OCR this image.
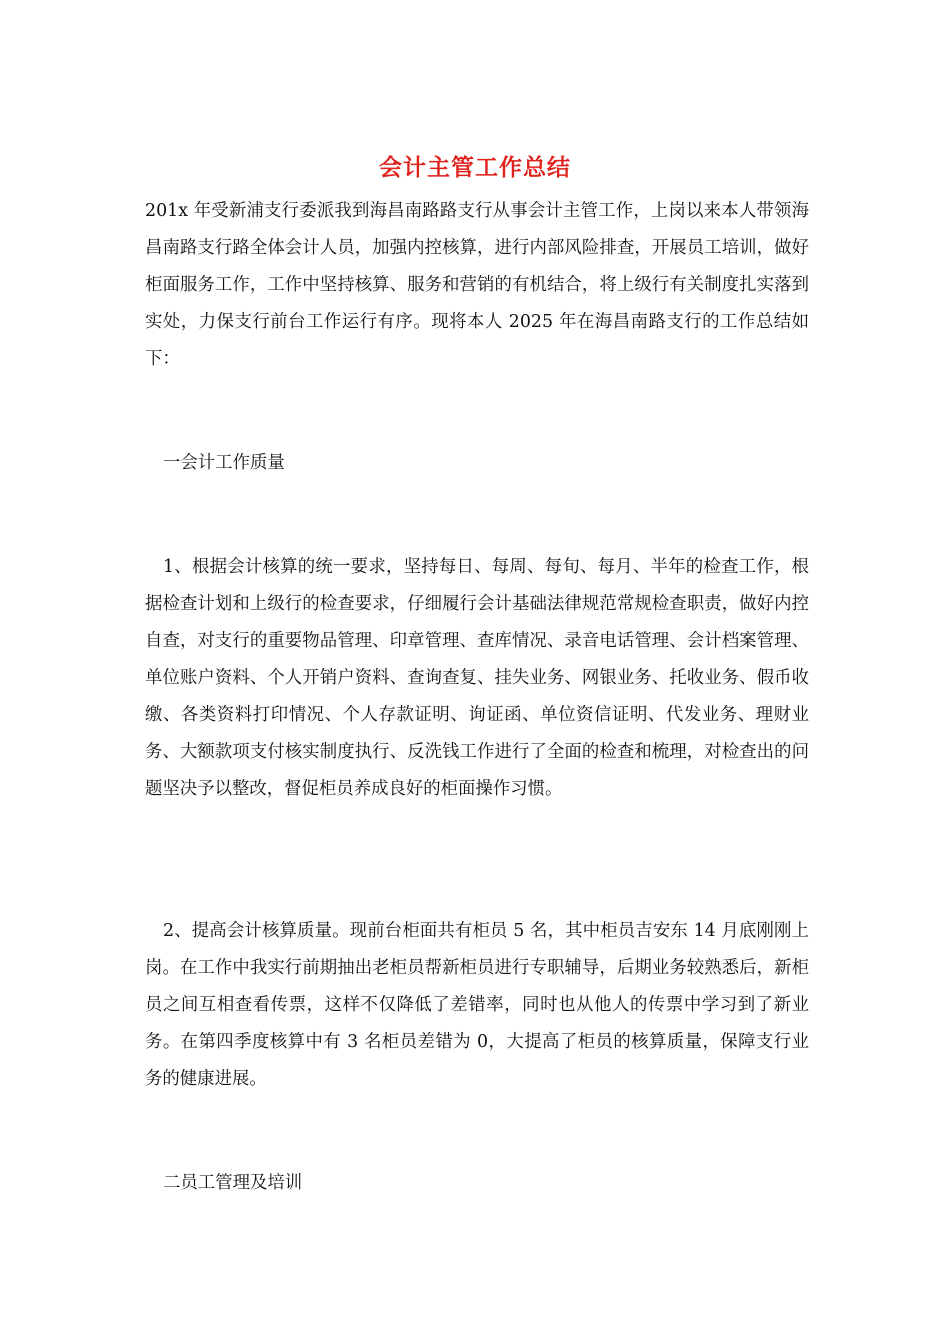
会计主管工作总结

201x 年受新浦支行委派我到海昌南路路支行从事会计主管工作，上岗以来本人带领海昌南路支行路全体会计人员，加强内控核算，进行内部风险排查，开展员工培训，做好柜面服务工作，工作中坚持核算、服务和营销的有机结合，将上级行有关制度扎实落到实处，力保支行前台工作运行有序。现将本人 2025 年在海昌南路支行的工作总结如下：

一会计工作质量

1、根据会计核算的统一要求，坚持每日、每周、每旬、每月、半年的检查工作，根据检查计划和上级行的检查要求，仔细履行会计基础法律规范常规检查职责，做好内控自查，对支行的重要物品管理、印章管理、查库情况、录音电话管理、会计档案管理、单位账户资料、个人开销户资料、查询查复、挂失业务、网银业务、托收业务、假币收缴、各类资料打印情况、个人存款证明、询证函、单位资信证明、代发业务、理财业务、大额款项支付核实制度执行、反洗钱工作进行了全面的检查和梳理，对检查出的问题坚决予以整改，督促柜员养成良好的柜面操作习惯。

2、提高会计核算质量。现前台柜面共有柜员 5 名，其中柜员吉安东 14 月底刚刚上岗。在工作中我实行前期抽出老柜员帮新柜员进行专职辅导，后期业务较熟悉后，新柜员之间互相查看传票，这样不仅降低了差错率，同时也从他人的传票中学习到了新业务。在第四季度核算中有 3 名柜员差错为 0，大提高了柜员的核算质量，保障支行业务的健康进展。

二员工管理及培训
